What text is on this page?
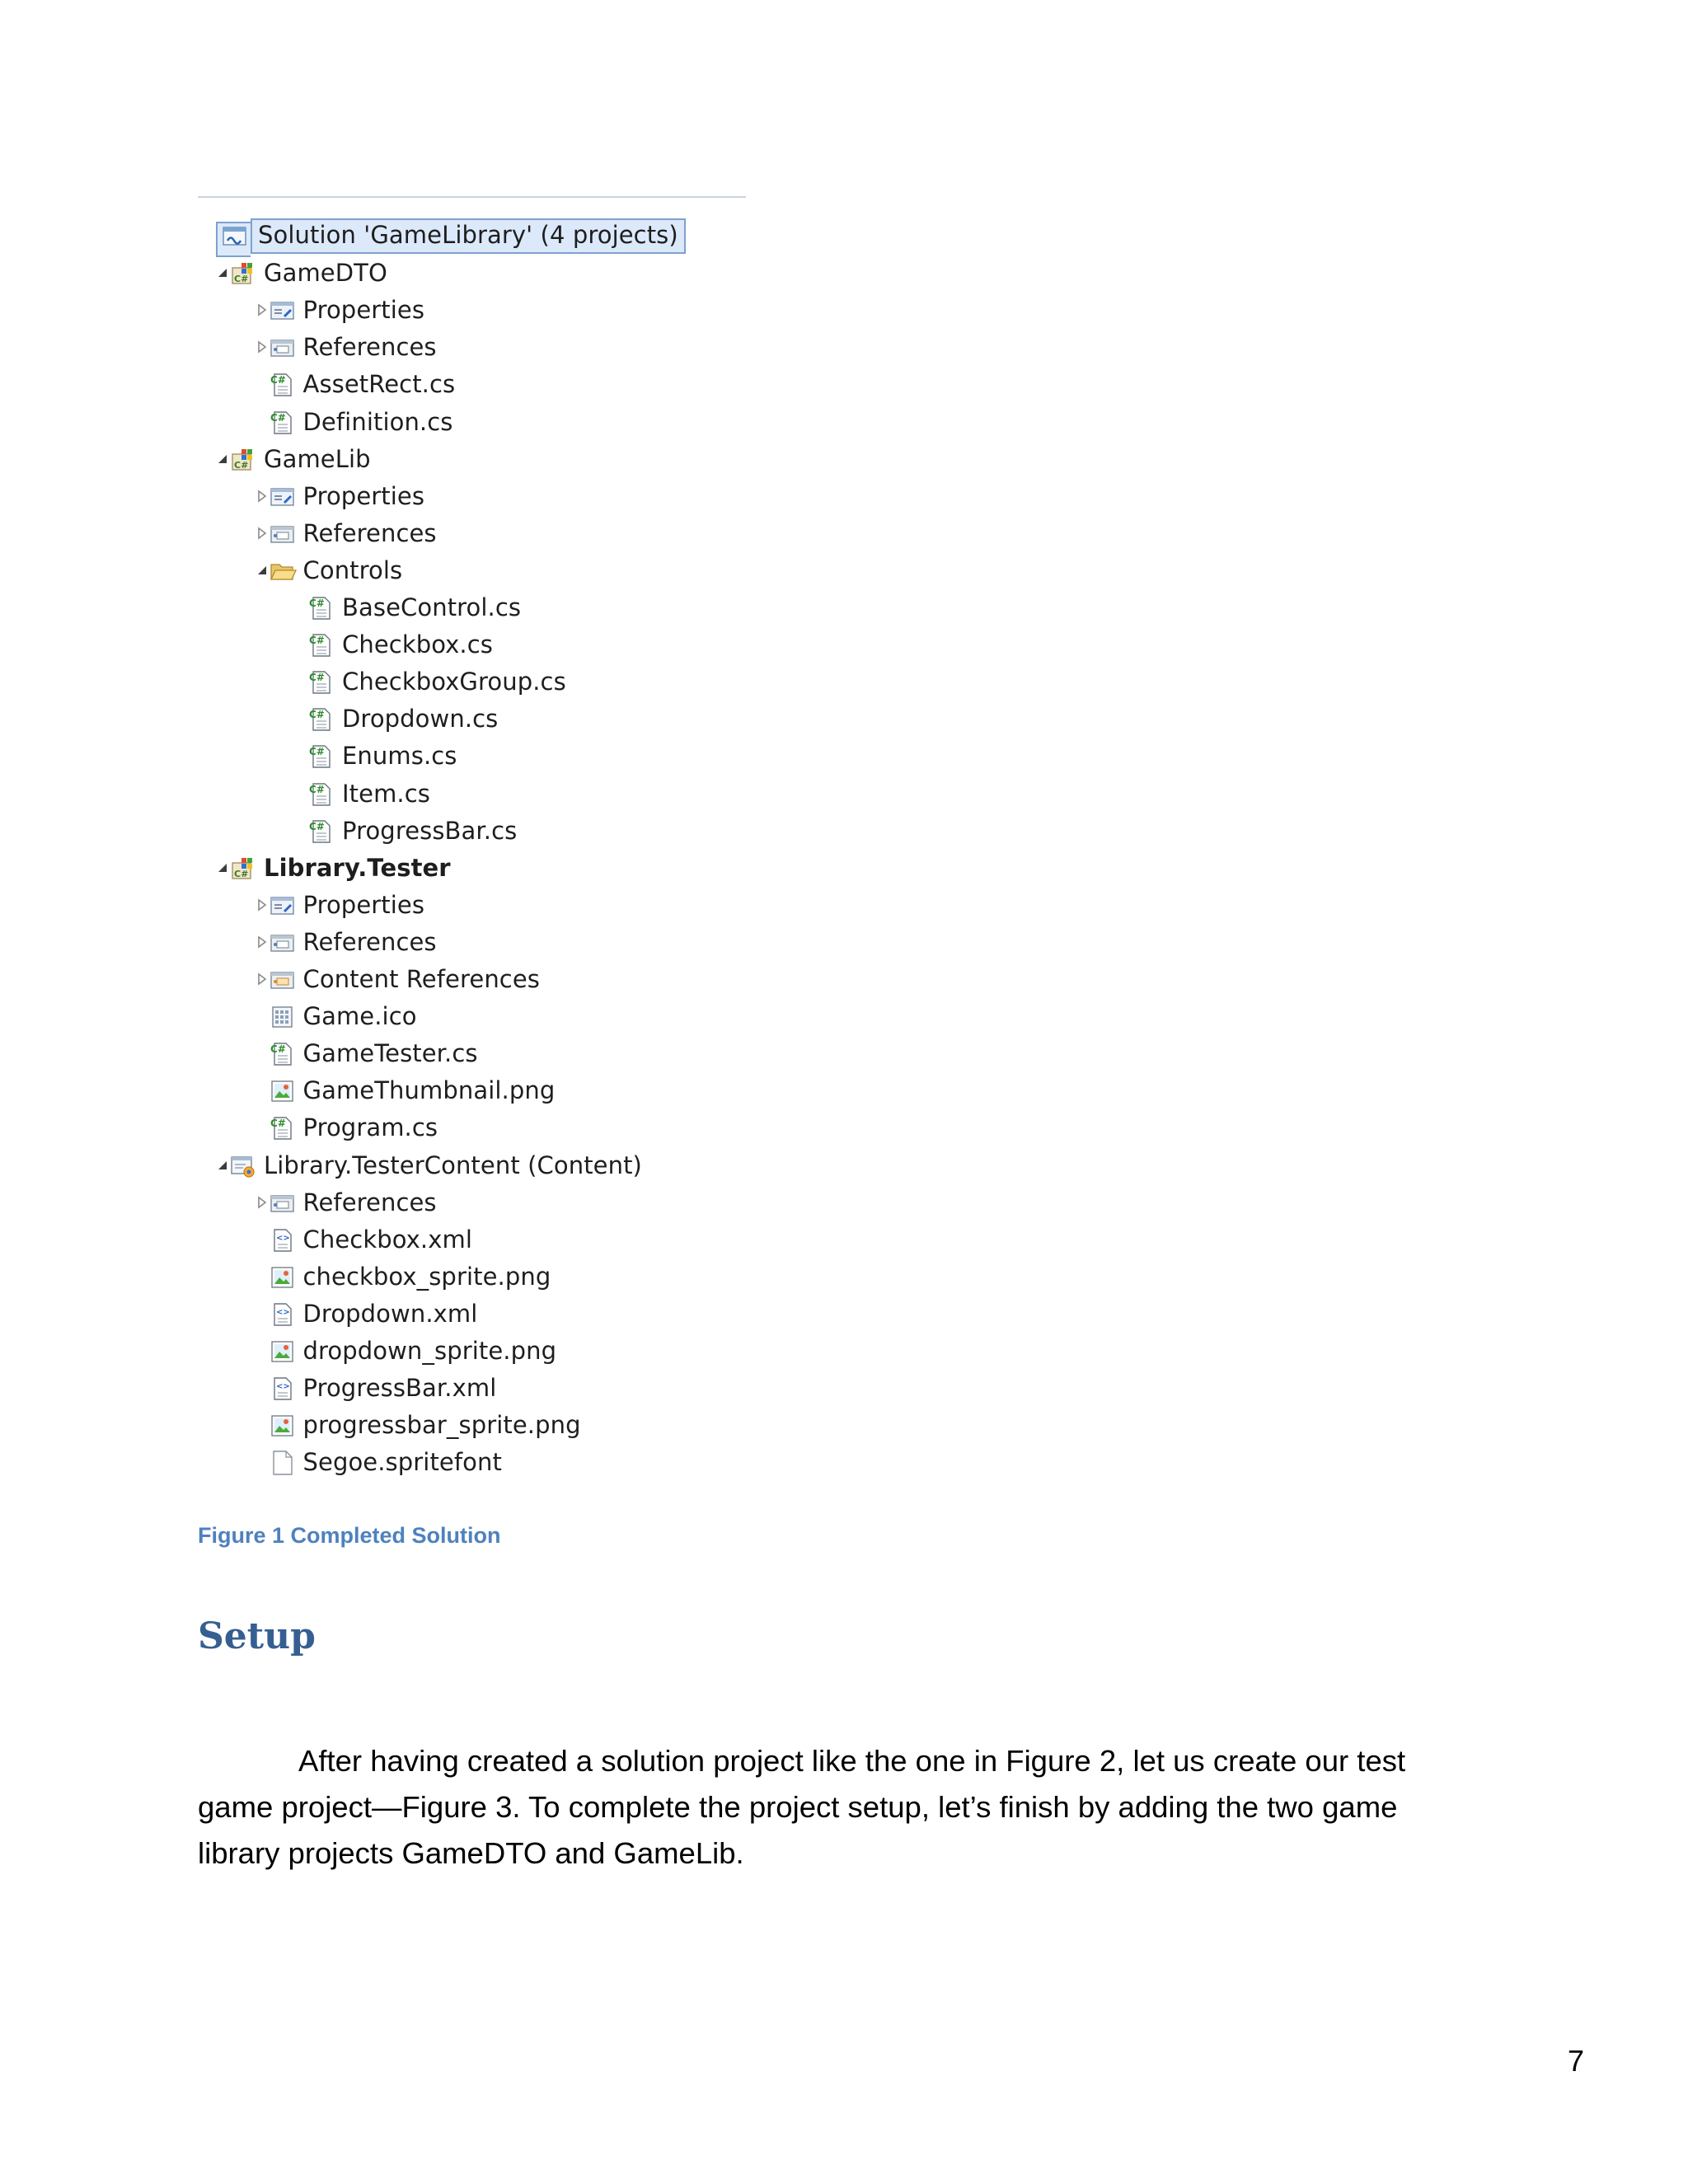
Solution 'GameLibrary' (4 projects)
C# GameDTO
Properties
References
C# AssetRect.cs
C# Definition.cs
C# GameLib
Properties
References
Controls
C# BaseControl.cs
C# Checkbox.cs
C# CheckboxGroup.cs
C# Dropdown.cs
C# Enums.cs
C# Item.cs
C# ProgressBar.cs
C# Library.Tester
Properties
References
Content References
Game.ico
C# GameTester.cs
GameThumbnail.png
C# Program.cs
Library.TesterContent (Content)
References
<> Checkbox.xml
checkbox_sprite.png
<> Dropdown.xml
dropdown_sprite.png
<> ProgressBar.xml
progressbar_sprite.png
Segoe.spritefont
Figure 1 Completed Solution
Setup

After having created a solution project like the one in Figure 2, let us create our test game project—Figure 3. To complete the project setup, let’s finish by adding the two game library projects GameDTO and GameLib.

7
